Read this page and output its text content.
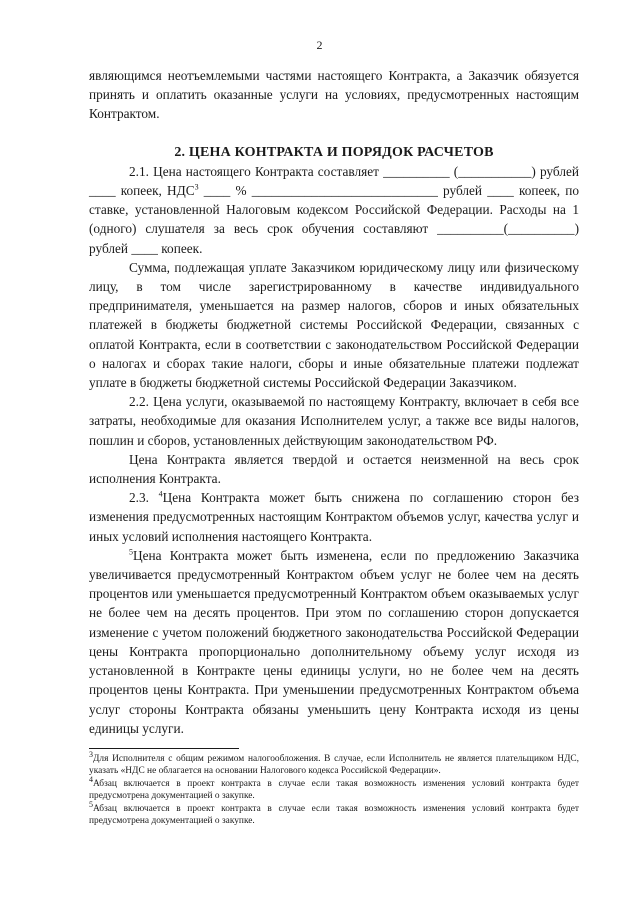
2

являющимся неотъемлемыми частями настоящего Контракта, а Заказчик обязуется принять и оплатить оказанные услуги на условиях, предусмотренных настоящим Контрактом.

2. ЦЕНА КОНТРАКТА И ПОРЯДОК РАСЧЕТОВ

2.1. Цена настоящего Контракта составляет __________ (___________) рублей ____ копеек, НДС$^3$ ____ % ____________________________ рублей ____ копеек, по ставке, установленной Налоговым кодексом Российской Федерации. Расходы на 1 (одного) слушателя за весь срок обучения составляют __________(__________) рублей ____ копеек.

Сумма, подлежащая уплате Заказчиком юридическому лицу или физическому лицу, в том числе зарегистрированному в качестве индивидуального предпринимателя, уменьшается на размер налогов, сборов и иных обязательных платежей в бюджеты бюджетной системы Российской Федерации, связанных с оплатой Контракта, если в соответствии с законодательством Российской Федерации о налогах и сборах такие налоги, сборы и иные обязательные платежи подлежат уплате в бюджеты бюджетной системы Российской Федерации Заказчиком.

2.2. Цена услуги, оказываемой по настоящему Контракту, включает в себя все затраты, необходимые для оказания Исполнителем услуг, а также все виды налогов, пошлин и сборов, установленных действующим законодательством РФ.

Цена Контракта является твердой и остается неизменной на весь срок исполнения Контракта.

2.3. $^4$Цена Контракта может быть снижена по соглашению сторон без изменения предусмотренных настоящим Контрактом объемов услуг, качества услуг и иных условий исполнения настоящего Контракта.

$^5$Цена Контракта может быть изменена, если по предложению Заказчика увеличивается предусмотренный Контрактом объем услуг не более чем на десять процентов или уменьшается предусмотренный Контрактом объем оказываемых услуг не более чем на десять процентов. При этом по соглашению сторон допускается изменение с учетом положений бюджетного законодательства Российской Федерации цены Контракта пропорционально дополнительному объему услуг исходя из установленной в Контракте цены единицы услуги, но не более чем на десять процентов цены Контракта. При уменьшении предусмотренных Контрактом объема услуг стороны Контракта обязаны уменьшить цену Контракта исходя из цены единицы услуги.

$^3$Для Исполнителя с общим режимом налогообложения. В случае, если Исполнитель не является плательщиком НДС, указать «НДС не облагается на основании Налогового кодекса Российской Федерации».

$^4$Абзац включается в проект контракта в случае если такая возможность изменения условий контракта будет предусмотрена документацией о закупке.

$^5$Абзац включается в проект контракта в случае если такая возможность изменения условий контракта будет предусмотрена документацией о закупке.
